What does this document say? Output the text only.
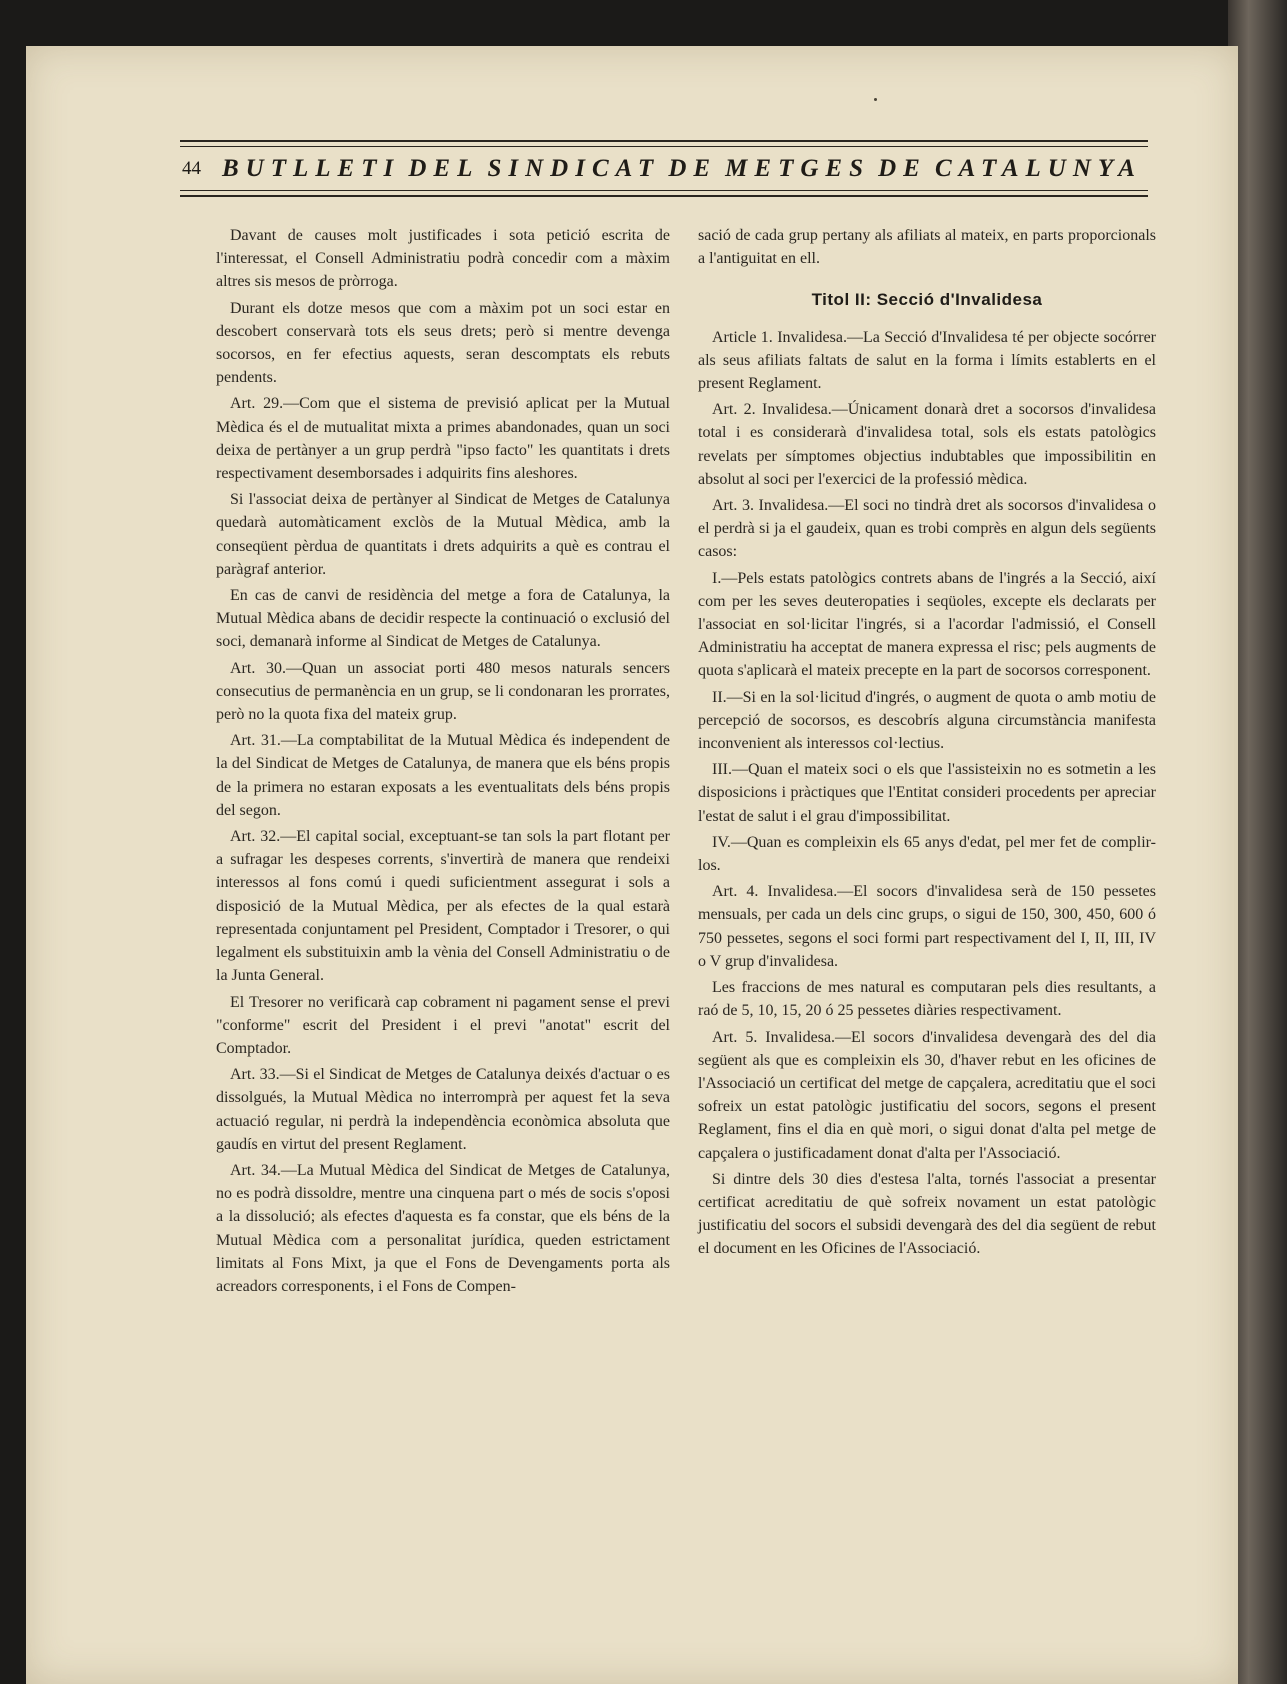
44 BUTLLETI DEL SINDICAT DE METGES DE CATALUNYA

Davant de causes molt justificades i sota petició escrita de l'interessat, el Consell Administratiu podrà concedir com a màxim altres sis mesos de pròrroga.

Durant els dotze mesos que com a màxim pot un soci estar en descobert conservarà tots els seus drets; però si mentre devenga socorsos, en fer efectius aquests, seran descomptats els rebuts pendents.

Art. 29.—Com que el sistema de previsió aplicat per la Mutual Mèdica és el de mutualitat mixta a primes abandonades, quan un soci deixa de pertànyer a un grup perdrà "ipso facto" les quantitats i drets respectivament desemborsades i adquirits fins aleshores.

Si l'associat deixa de pertànyer al Sindicat de Metges de Catalunya quedarà automàticament exclòs de la Mutual Mèdica, amb la conseqüent pèrdua de quantitats i drets adquirits a què es contrau el paràgraf anterior.

En cas de canvi de residència del metge a fora de Catalunya, la Mutual Mèdica abans de decidir respecte la continuació o exclusió del soci, demanarà informe al Sindicat de Metges de Catalunya.

Art. 30.—Quan un associat porti 480 mesos naturals sencers consecutius de permanència en un grup, se li condonaran les prorrates, però no la quota fixa del mateix grup.

Art. 31.—La comptabilitat de la Mutual Mèdica és independent de la del Sindicat de Metges de Catalunya, de manera que els béns propis de la primera no estaran exposats a les eventualitats dels béns propis del segon.

Art. 32.—El capital social, exceptuant-se tan sols la part flotant per a sufragar les despeses corrents, s'invertirà de manera que rendeixi interessos al fons comú i quedi suficientment assegurat i sols a disposició de la Mutual Mèdica, per als efectes de la qual estarà representada conjuntament pel President, Comptador i Tresorer, o qui legalment els substituixin amb la vènia del Consell Administratiu o de la Junta General.

El Tresorer no verificarà cap cobrament ni pagament sense el previ "conforme" escrit del President i el previ "anotat" escrit del Comptador.

Art. 33.—Si el Sindicat de Metges de Catalunya deixés d'actuar o es dissolgués, la Mutual Mèdica no interromprà per aquest fet la seva actuació regular, ni perdrà la independència econòmica absoluta que gaudís en virtut del present Reglament.

Art. 34.—La Mutual Mèdica del Sindicat de Metges de Catalunya, no es podrà dissoldre, mentre una cinquena part o més de socis s'oposi a la dissolució; als efectes d'aquesta es fa constar, que els béns de la Mutual Mèdica com a personalitat jurídica, queden estrictament limitats al Fons Mixt, ja que el Fons de Devengaments porta als acreadors corresponents, i el Fons de Compen-

sació de cada grup pertany als afiliats al mateix, en parts proporcionals a l'antiguitat en ell.

Titol II: Secció d'Invalidesa

Article 1. Invalidesa.—La Secció d'Invalidesa té per objecte socórrer als seus afiliats faltats de salut en la forma i límits establerts en el present Reglament.

Art. 2. Invalidesa.—Únicament donarà dret a socorsos d'invalidesa total i es considerarà d'invalidesa total, sols els estats patològics revelats per símptomes objectius indubtables que impossibilitin en absolut al soci per l'exercici de la professió mèdica.

Art. 3. Invalidesa.—El soci no tindrà dret als socorsos d'invalidesa o el perdrà si ja el gaudeix, quan es trobi comprès en algun dels següents casos:

I.—Pels estats patològics contrets abans de l'ingrés a la Secció, així com per les seves deuteropaties i seqüoles, excepte els declarats per l'associat en sol·licitar l'ingrés, si a l'acordar l'admissió, el Consell Administratiu ha acceptat de manera expressa el risc; pels augments de quota s'aplicarà el mateix precepte en la part de socorsos corresponent.

II.—Si en la sol·licitud d'ingrés, o augment de quota o amb motiu de percepció de socorsos, es descobrís alguna circumstància manifesta inconvenient als interessos col·lectius.

III.—Quan el mateix soci o els que l'assisteixin no es sotmetin a les disposicions i pràctiques que l'Entitat consideri procedents per apreciar l'estat de salut i el grau d'impossibilitat.

IV.—Quan es compleixin els 65 anys d'edat, pel mer fet de complir-los.

Art. 4. Invalidesa.—El socors d'invalidesa serà de 150 pessetes mensuals, per cada un dels cinc grups, o sigui de 150, 300, 450, 600 ó 750 pessetes, segons el soci formi part respectivament del I, II, III, IV o V grup d'invalidesa.

Les fraccions de mes natural es computaran pels dies resultants, a raó de 5, 10, 15, 20 ó 25 pessetes diàries respectivament.

Art. 5. Invalidesa.—El socors d'invalidesa devengarà des del dia següent als que es compleixin els 30, d'haver rebut en les oficines de l'Associació un certificat del metge de capçalera, acreditatiu que el soci sofreix un estat patològic justificatiu del socors, segons el present Reglament, fins el dia en què mori, o sigui donat d'alta pel metge de capçalera o justificadament donat d'alta per l'Associació.

Si dintre dels 30 dies d'estesa l'alta, tornés l'associat a presentar certificat acreditatiu de què sofreix novament un estat patològic justificatiu del socors el subsidi devengarà des del dia següent de rebut el document en les Oficines de l'Associació.
